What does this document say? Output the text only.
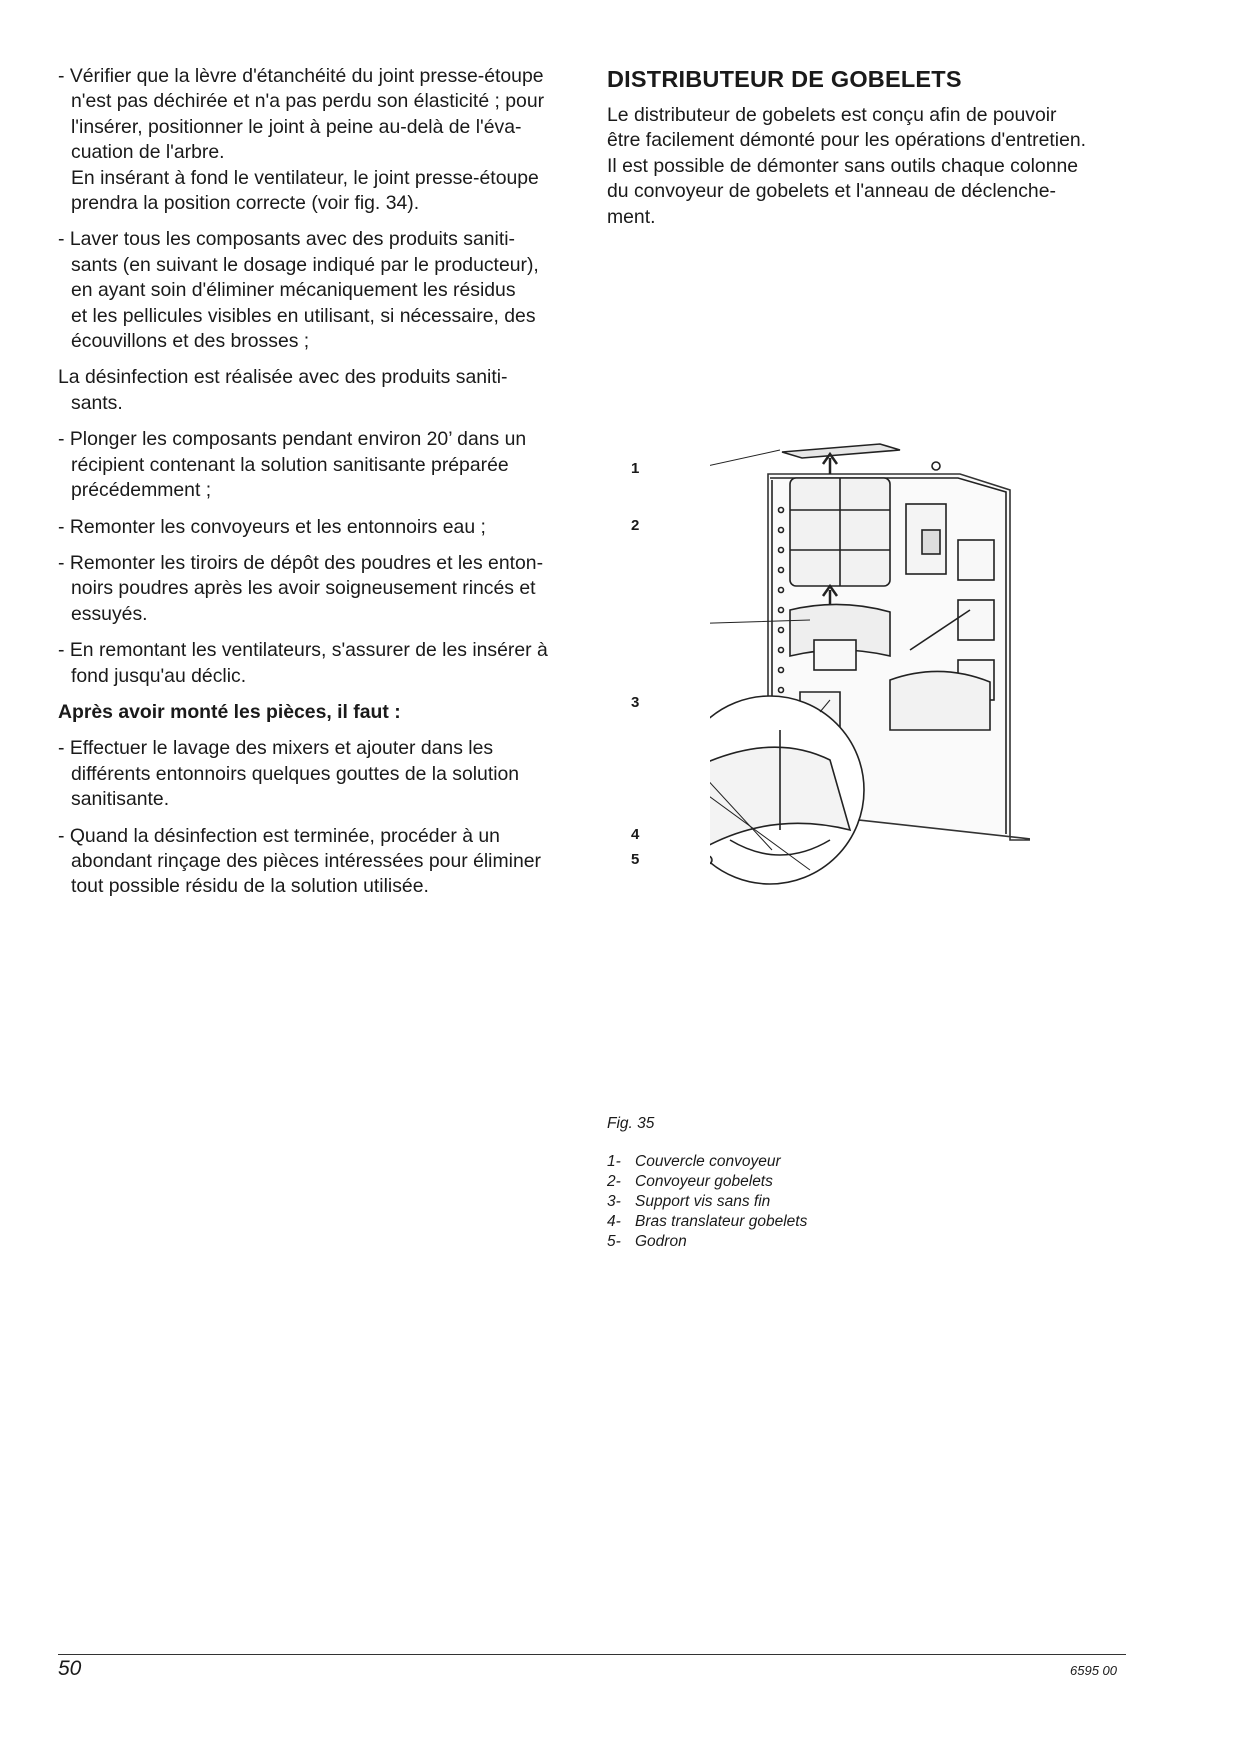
- Vérifier que la lèvre d'étanchéité du joint presse-étoupe
n'est pas déchirée et n'a pas perdu son élasticité ; pour
l'insérer, positionner le joint à peine au-delà de l'éva-
cuation de l'arbre.
En insérant à fond le ventilateur, le joint presse-étoupe
prendra la position correcte (voir fig. 34).
- Laver tous les composants avec des produits saniti-
sants (en suivant le dosage indiqué par le producteur),
en ayant soin d'éliminer mécaniquement les résidus
et les pellicules visibles en utilisant, si nécessaire, des
écouvillons et des brosses ;
La désinfection est réalisée avec des produits saniti-
sants.
- Plonger les composants pendant environ 20’ dans un
récipient contenant la solution sanitisante préparée
précédemment ;
- Remonter les convoyeurs et les entonnoirs eau ;
- Remonter les tiroirs de dépôt des poudres et les enton-
noirs poudres après les avoir soigneusement rincés et
essuyés.
- En remontant les ventilateurs, s'assurer de les insérer à
fond jusqu'au déclic.
Après avoir monté les pièces, il faut :
- Effectuer le lavage des mixers et ajouter dans les
différents entonnoirs quelques gouttes de la solution
sanitisante.
- Quand la désinfection est terminée, procéder à un
abondant rinçage des pièces intéressées pour éliminer
tout possible résidu de la solution utilisée.
DISTRIBUTEUR DE GOBELETS
Le distributeur de gobelets est conçu afin de pouvoir
être facilement démonté pour les opérations d'entretien.
Il est possible de démonter sans outils chaque colonne
du convoyeur de gobelets et l'anneau de déclenche-
ment.
1
2
3
4
5
Fig. 35
1- Couvercle convoyeur
2- Convoyeur gobelets
3- Support vis sans fin
4- Bras translateur gobelets
5- Godron
50	6595 00
